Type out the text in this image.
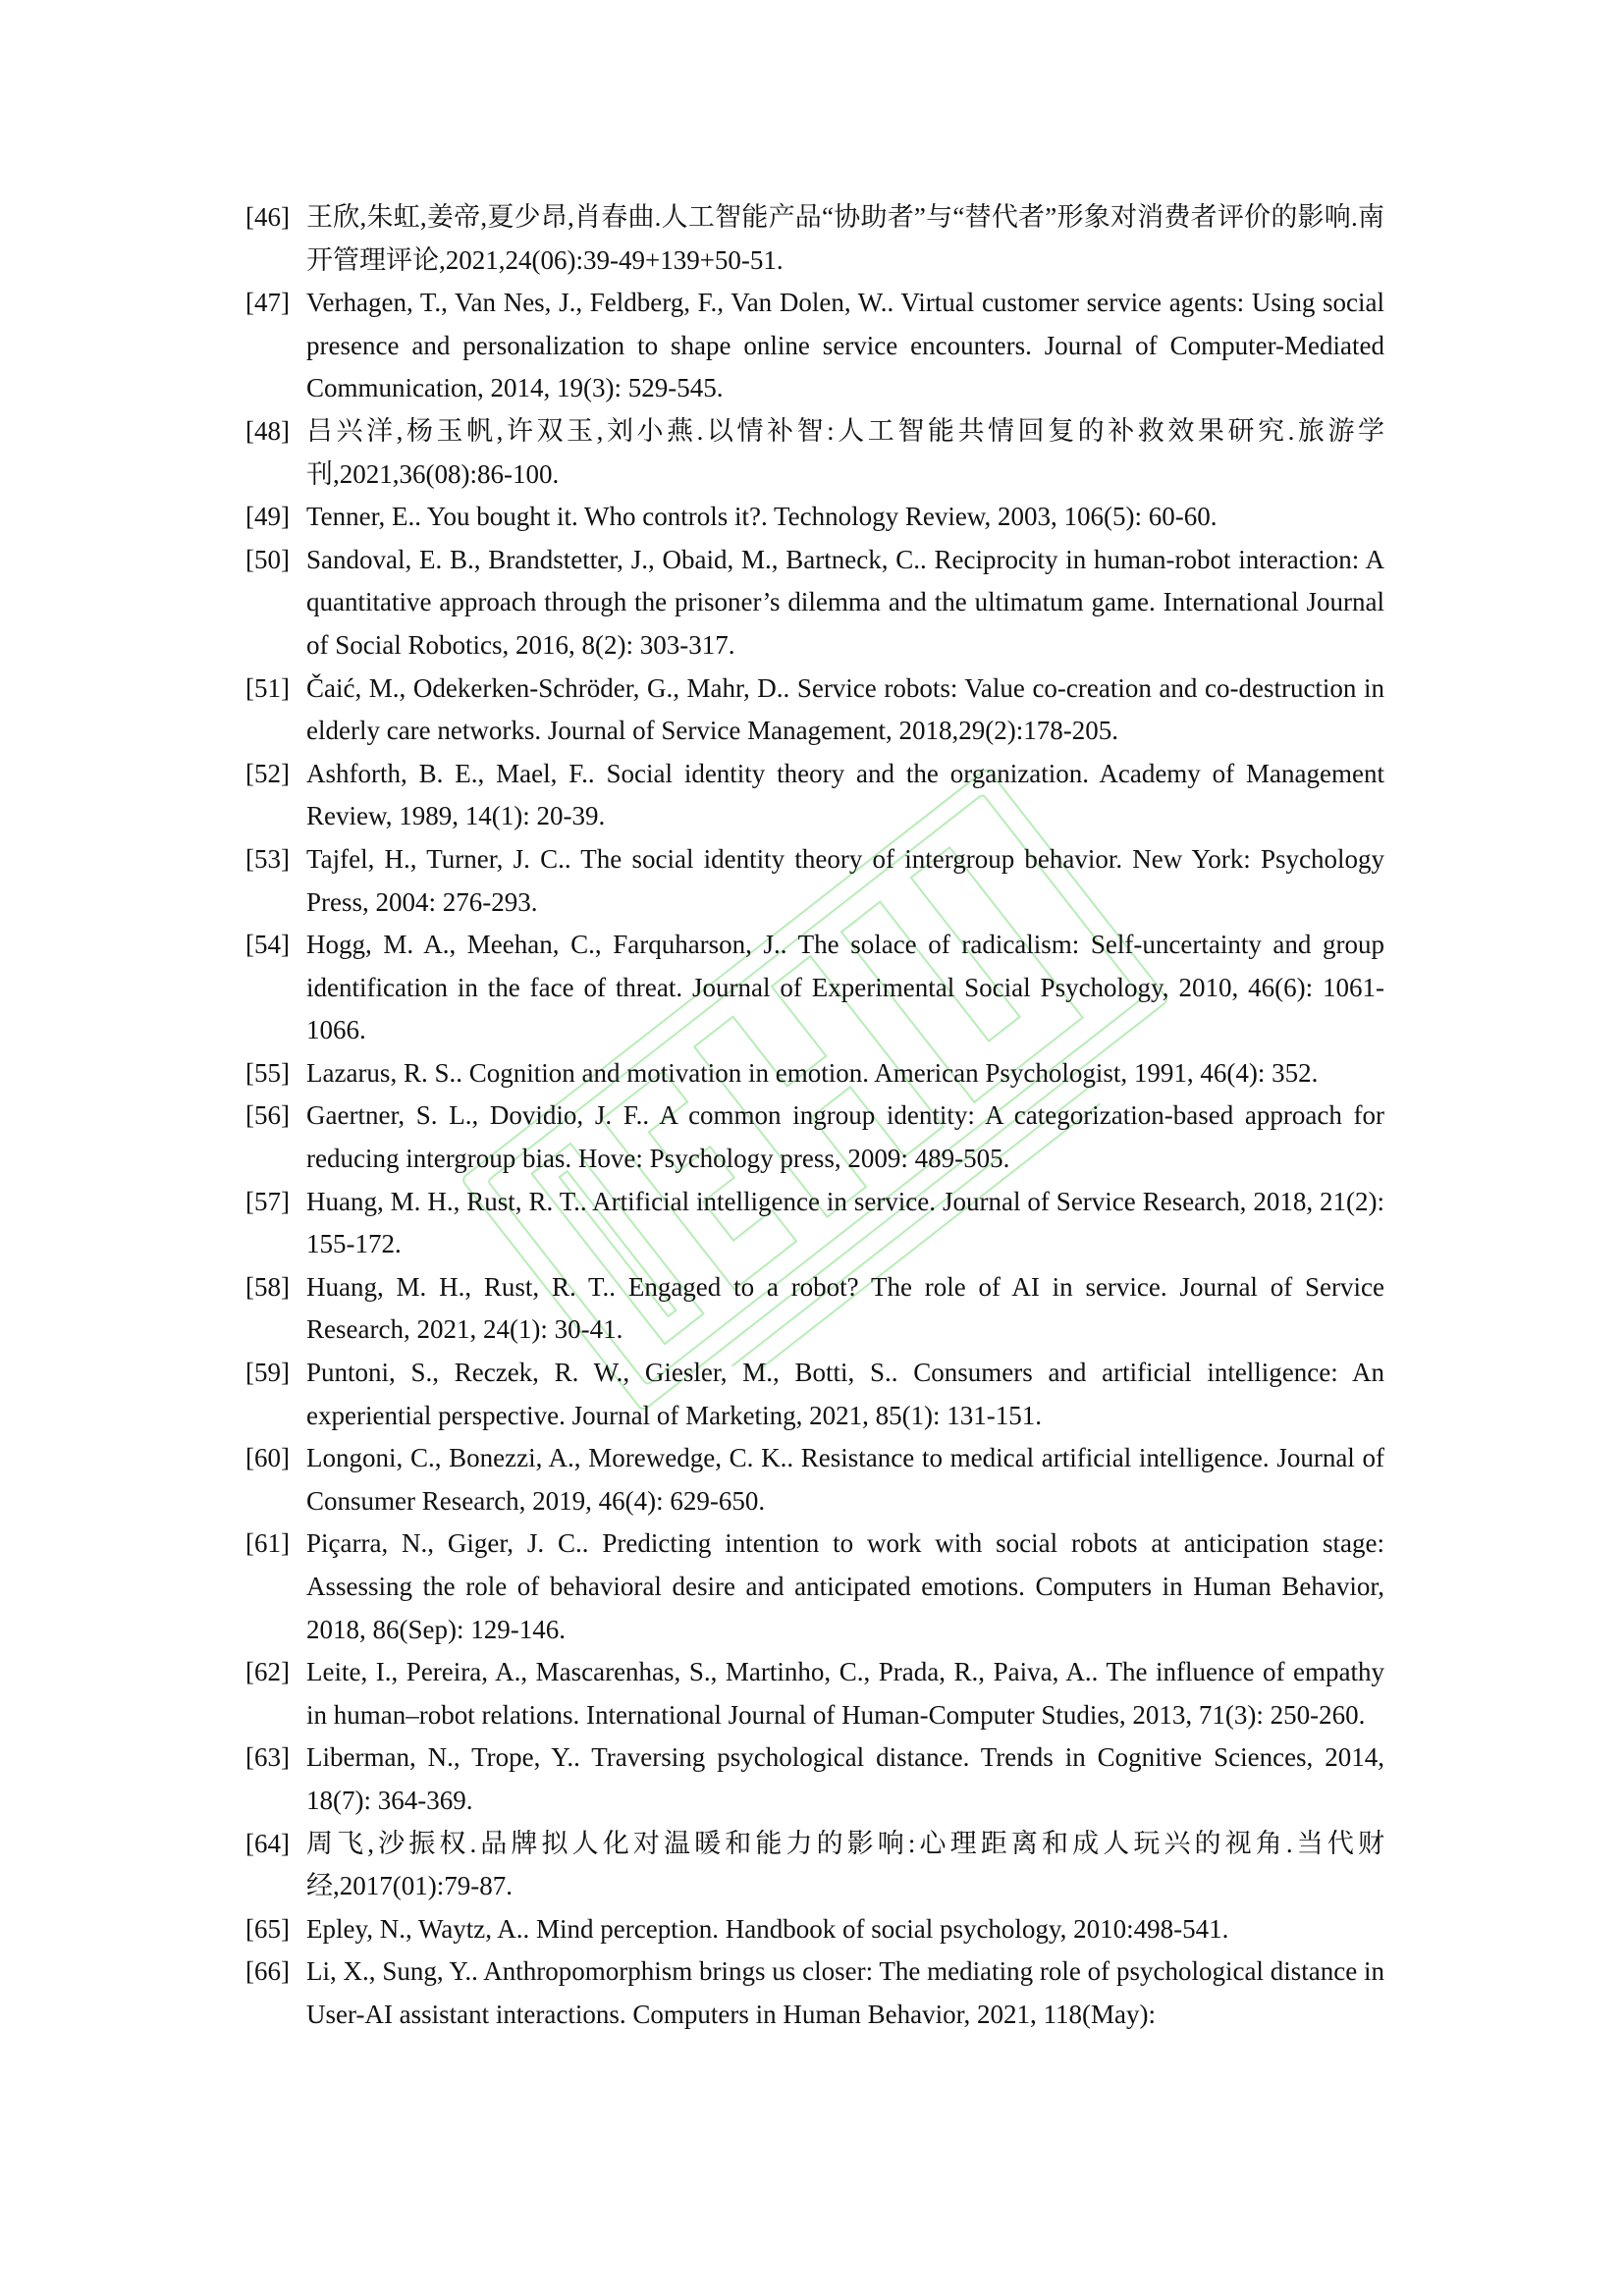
[46] 王欣,朱虹,姜帝,夏少昂,肖春曲.人工智能产品“协助者”与“替代者”形象对消费者评价的影响.南开管理评论,2021,24(06):39-49+139+50-51.
[47] Verhagen, T., Van Nes, J., Feldberg, F., Van Dolen, W.. Virtual customer service agents: Using social presence and personalization to shape online service encounters. Journal of Computer-Mediated Communication, 2014, 19(3): 529-545.
[48] 吕兴洋,杨玉帆,许双玉,刘小燕.以情补智:人工智能共情回复的补救效果研究.旅游学刊,2021,36(08):86-100.
[49] Tenner, E.. You bought it. Who controls it?. Technology Review, 2003, 106(5): 60-60.
[50] Sandoval, E. B., Brandstetter, J., Obaid, M., Bartneck, C.. Reciprocity in human-robot interaction: A quantitative approach through the prisoner’s dilemma and the ultimatum game. International Journal of Social Robotics, 2016, 8(2): 303-317.
[51] Čaić, M., Odekerken-Schröder, G., Mahr, D.. Service robots: Value co-creation and co-destruction in elderly care networks. Journal of Service Management, 2018,29(2):178-205.
[52] Ashforth, B. E., Mael, F.. Social identity theory and the organization. Academy of Management Review, 1989, 14(1): 20-39.
[53] Tajfel, H., Turner, J. C.. The social identity theory of intergroup behavior. New York: Psychology Press, 2004: 276-293.
[54] Hogg, M. A., Meehan, C., Farquharson, J.. The solace of radicalism: Self-uncertainty and group identification in the face of threat. Journal of Experimental Social Psychology, 2010, 46(6): 1061-1066.
[55] Lazarus, R. S.. Cognition and motivation in emotion. American Psychologist, 1991, 46(4): 352.
[56] Gaertner, S. L., Dovidio, J. F.. A common ingroup identity: A categorization-based approach for reducing intergroup bias. Hove: Psychology press, 2009: 489-505.
[57] Huang, M. H., Rust, R. T.. Artificial intelligence in service. Journal of Service Research, 2018, 21(2): 155-172.
[58] Huang, M. H., Rust, R. T.. Engaged to a robot? The role of AI in service. Journal of Service Research, 2021, 24(1): 30-41.
[59] Puntoni, S., Reczek, R. W., Giesler, M., Botti, S.. Consumers and artificial intelligence: An experiential perspective. Journal of Marketing, 2021, 85(1): 131-151.
[60] Longoni, C., Bonezzi, A., Morewedge, C. K.. Resistance to medical artificial intelligence. Journal of Consumer Research, 2019, 46(4): 629-650.
[61] Piçarra, N., Giger, J. C.. Predicting intention to work with social robots at anticipation stage: Assessing the role of behavioral desire and anticipated emotions. Computers in Human Behavior, 2018, 86(Sep): 129-146.
[62] Leite, I., Pereira, A., Mascarenhas, S., Martinho, C., Prada, R., Paiva, A.. The influence of empathy in human–robot relations. International Journal of Human-Computer Studies, 2013, 71(3): 250-260.
[63] Liberman, N., Trope, Y.. Traversing psychological distance. Trends in Cognitive Sciences, 2014, 18(7): 364-369.
[64] 周飞,沙振权.品牌拟人化对温暖和能力的影响:心理距离和成人玩兴的视角.当代财经,2017(01):79-87.
[65] Epley, N., Waytz, A.. Mind perception. Handbook of social psychology, 2010:498-541.
[66] Li, X., Sung, Y.. Anthropomorphism brings us closer: The mediating role of psychological distance in User-AI assistant interactions. Computers in Human Behavior, 2021, 118(May):
